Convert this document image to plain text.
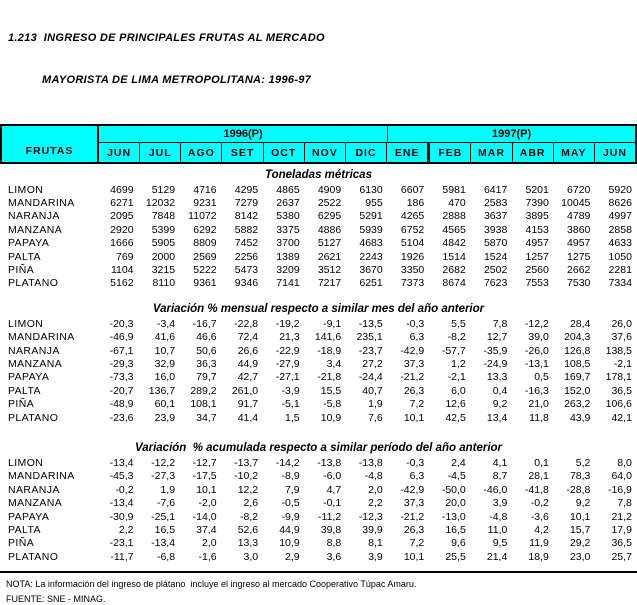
1.213  INGRESO DE PRINCIPALES FRUTAS AL MERCADO

MAYORISTA DE LIMA METROPOLITANA: 1996-97

FRUTAS
1996(P)	1997(P)
JUN	JUL	AGO	SET	OCT	NOV	DIC	ENE	FEB	MAR	ABR	MAY	JUN
Toneladas métricas
LIMON	4699	5129	4716	4295	4865	4909	6130	6607	5981	6417	5201	6720	5920
MANDARINA	6271	12032	9231	7279	2637	2522	955	186	470	2583	7390	10045	8626
NARANJA	2095	7848	11072	8142	5380	6295	5291	4265	2888	3637	3895	4789	4997
MANZANA	2920	5399	6292	5882	3375	4886	5939	6752	4565	3938	4153	3860	2858
PAPAYA	1666	5905	8809	7452	3700	5127	4683	5104	4842	5870	4957	4957	4633
PALTA	769	2000	2569	2256	1389	2621	2243	1926	1514	1524	1257	1275	1050
PIÑA	1104	3215	5222	5473	3209	3512	3670	3350	2682	2502	2560	2662	2281
PLATANO	5162	8110	9361	9346	7141	7217	6251	7373	8674	7623	7553	7530	7334
Variación % mensual respecto a similar mes del año anterior
LIMON	-20,3	-3,4	-16,7	-22,8	-19,2	-9,1	-13,5	-0,3	5,5	7,8	-12,2	28,4	26,0
MANDARINA	-46,9	41,6	46,6	72,4	21,3	141,6	235,1	6,3	-8,2	12,7	39,0	204,3	37,6
NARANJA	-67,1	10,7	50,6	26,6	-22,9	-18,9	-23,7	-42,9	-57,7	-35,9	-26,0	126,8	138,5
MANZANA	-29,3	32,9	36,3	44,9	-27,9	3,4	27,2	37,3	1,2	-24,9	-13,1	108,5	-2,1
PAPAYA	-73,3	16,0	79,7	42,7	-27,1	-21,8	-24,4	-21,2	-2,1	13,3	0,5	169,7	178,1
PALTA	-20,7	136,7	289,2	261,0	-3,9	15,5	40,7	26,3	6,0	0,4	-16,3	152,0	36,5
PIÑA	-48,9	60,1	108,1	91,7	-5,1	-5,8	1,9	7,2	12,6	9,2	21,0	263,2	106,6
PLATANO	-23,6	23,9	34,7	41,4	1,5	10,9	7,6	10,1	42,5	13,4	11,8	43,9	42,1
Variación  % acumulada respecto a similar período del año anterior
LIMON	-13,4	-12,2	-12,7	-13,7	-14,2	-13,8	-13,8	-0,3	2,4	4,1	0,1	5,2	8,0
MANDARINA	-45,3	-27,3	-17,5	-10,2	-8,9	-6,0	-4,8	6,3	-4,5	8,7	28,1	78,3	64,0
NARANJA	-0,2	1,9	10,1	12,2	7,9	4,7	2,0	-42,9	-50,0	-46,0	-41,8	-28,8	-16,9
MANZANA	-13,4	-7,6	-2,0	2,6	-0,5	-0,1	2,2	37,3	20,0	3,9	-0,2	9,2	7,8
PAPAYA	-30,9	-25,1	-14,0	-8,2	-9,9	-11,2	-12,3	-21,2	-13,0	-4,8	-3,6	10,1	21,2
PALTA	2,2	16,5	37,4	52,6	44,9	39,8	39,9	26,3	16,5	11,0	4,2	15,7	17,9
PIÑA	-23,1	-13,4	2,0	13,3	10,9	8,8	8,1	7,2	9,6	9,5	11,9	29,2	36,5
PLATANO	-11,7	-6,8	-1,6	3,0	2,9	3,6	3,9	10,1	25,5	21,4	18,9	23,0	25,7
NOTA: La información del ingreso de plátano  incluye el ingreso al mercado Cooperativo Túpac Amaru.
FUENTE: SNE - MINAG.
